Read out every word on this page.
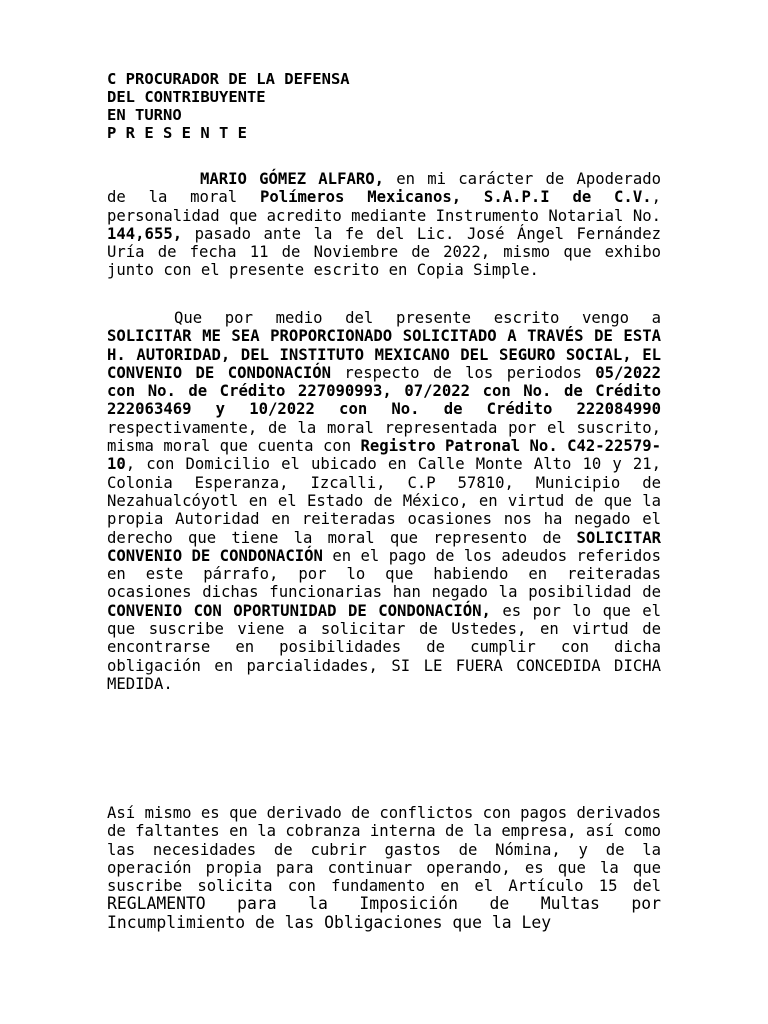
C PROCURADOR DE LA DEFENSA
DEL CONTRIBUYENTE
EN TURNO
P R E S E N T E

MARIO GÓMEZ ALFARO, en mi carácter de Apoderado de la moral Polímeros Mexicanos, S.A.P.I de C.V., personalidad que acredito mediante Instrumento Notarial No. 144,655, pasado ante la fe del Lic. José Ángel Fernández Uría de fecha 11 de Noviembre de 2022, mismo que exhibo junto con el presente escrito en Copia Simple.

Que por medio del presente escrito vengo a SOLICITAR ME SEA PROPORCIONADO SOLICITADO A TRAVÉS DE ESTA H. AUTORIDAD, DEL INSTITUTO MEXICANO DEL SEGURO SOCIAL, EL CONVENIO DE CONDONACIÓN respecto de los periodos 05/2022 con No. de Crédito 227090993, 07/2022 con No. de Crédito 222063469 y 10/2022 con No. de Crédito 222084990 respectivamente, de la moral representada por el suscrito, misma moral que cuenta con Registro Patronal No. C42-22579-10, con Domicilio el ubicado en Calle Monte Alto 10 y 21, Colonia Esperanza, Izcalli, C.P 57810, Municipio de Nezahualcóyotl en el Estado de México, en virtud de que la propia Autoridad en reiteradas ocasiones nos ha negado el derecho que tiene la moral que represento de SOLICITAR CONVENIO DE CONDONACIÓN en el pago de los adeudos referidos en este párrafo, por lo que habiendo en reiteradas ocasiones dichas funcionarias han negado la posibilidad de CONVENIO CON OPORTUNIDAD DE CONDONACIÓN, es por lo que el que suscribe viene a solicitar de Ustedes, en virtud de encontrarse en posibilidades de cumplir con dicha obligación en parcialidades, SI LE FUERA CONCEDIDA DICHA MEDIDA.

Así mismo es que derivado de conflictos con pagos derivados de faltantes en la cobranza interna de la empresa, así como las necesidades de cubrir gastos de Nómina, y de la operación propia para continuar operando, es que la que suscribe solicita con fundamento en el Artículo 15 del REGLAMENTO para la Imposición de Multas por Incumplimiento de las Obligaciones que la Ley
